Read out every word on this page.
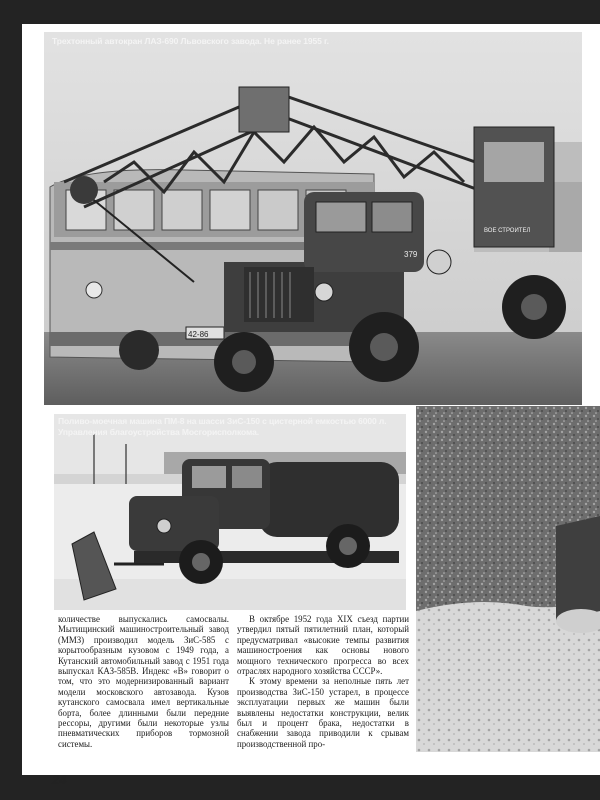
42-86
379
ВОЕ СТРОИТЕЛ
Трехтонный автокран ЛАЗ-690 Львовского завода. Не ранее 1955 г.
Поливо-моечная машина ПМ-8 на шасси ЗиС-150 с цистерной емкостью 6000 л.
Управления благоустройства Мосгорисполкома.

количестве выпускались самосвалы. Мытищинский машиностроительный завод (ММЗ) производил модель ЗиС-585 с корытообразным кузовом с 1949 года, а Кутанский автомобильный завод с 1951 года выпускал КАЗ-585В. Индекс «В» говорит о том, что это модернизированный вариант модели московского автозавода. Кузов кутанского самосвала имел вертикальные борта, более длинными были передние рессоры, другими были некоторые узлы пневматических приборов тормозной системы.

В октябре 1952 года XIX съезд партии утвердил пятый пятилетний план, который предусматривал «высокие темпы развития машиностроения как основы нового мощного технического прогресса во всех отраслях народного хозяйства СССР».

К этому времени за неполные пять лет производства ЗиС-150 устарел, в процессе эксплуатации первых же машин были выявлены недостатки конструкции, велик был и процент брака, недостатки в снабжении завода приводили к срывам производственной про-

24
